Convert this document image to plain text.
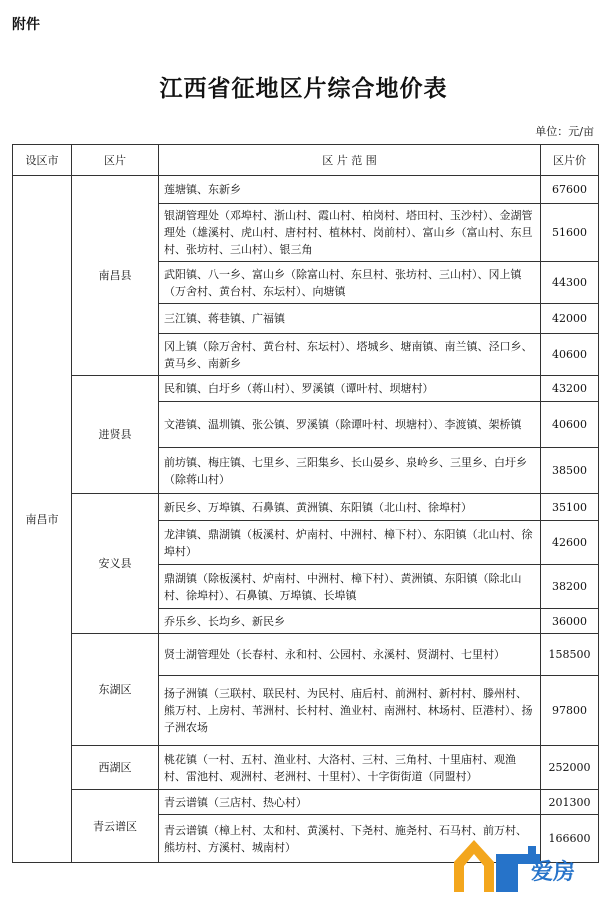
附件
江西省征地区片综合地价表
单位：元/亩
设区市	区片	区 片 范 围	区片价
南昌市	南昌县	莲塘镇、东新乡	67600
		银湖管理处（邓埠村、浙山村、霞山村、柏岗村、塔田村、玉沙村）、金湖管理处（雄溪村、虎山村、唐村村、植林村、岗前村）、富山乡（富山村、东旦村、张坊村、三山村）、银三角	51600
		武阳镇、八一乡、富山乡（除富山村、东旦村、张坊村、三山村）、冈上镇（万舍村、黄台村、东坛村）、向塘镇	44300
		三江镇、蒋巷镇、广福镇	42000
		冈上镇（除万舍村、黄台村、东坛村）、塔城乡、塘南镇、南兰镇、泾口乡、黄马乡、南新乡	40600
	进贤县	民和镇、白圩乡（蒋山村）、罗溪镇（谭叶村、坝塘村）	43200
		文港镇、温圳镇、张公镇、罗溪镇（除谭叶村、坝塘村）、李渡镇、架桥镇	40600
		前坊镇、梅庄镇、七里乡、三阳集乡、长山晏乡、泉岭乡、三里乡、白圩乡（除蒋山村）	38500
	安义县	新民乡、万埠镇、石鼻镇、黄洲镇、东阳镇（北山村、徐埠村）	35100
		龙津镇、鼎湖镇（板溪村、炉南村、中洲村、樟下村）、东阳镇（北山村、徐埠村）	42600
		鼎湖镇（除板溪村、炉南村、中洲村、樟下村）、黄洲镇、东阳镇（除北山村、徐埠村）、石鼻镇、万埠镇、长埠镇	38200
		乔乐乡、长均乡、新民乡	36000
	东湖区	贤士湖管理处（长春村、永和村、公园村、永溪村、贤湖村、七里村）	158500
		扬子洲镇（三联村、联民村、为民村、庙后村、前洲村、新村村、滕州村、熊万村、上房村、苇洲村、长村村、渔业村、南洲村、林场村、臣港村）、扬子洲农场	97800
	西湖区	桃花镇（一村、五村、渔业村、大洛村、三村、三角村、十里庙村、观渔村、雷池村、观洲村、老洲村、十里村）、十字街街道（同盟村）	252000
	青云谱区	青云谱镇（三店村、热心村）	201300
		青云谱镇（樟上村、太和村、黄溪村、下尧村、施尧村、石马村、前万村、熊坊村、方溪村、城南村）	166600
爱房
